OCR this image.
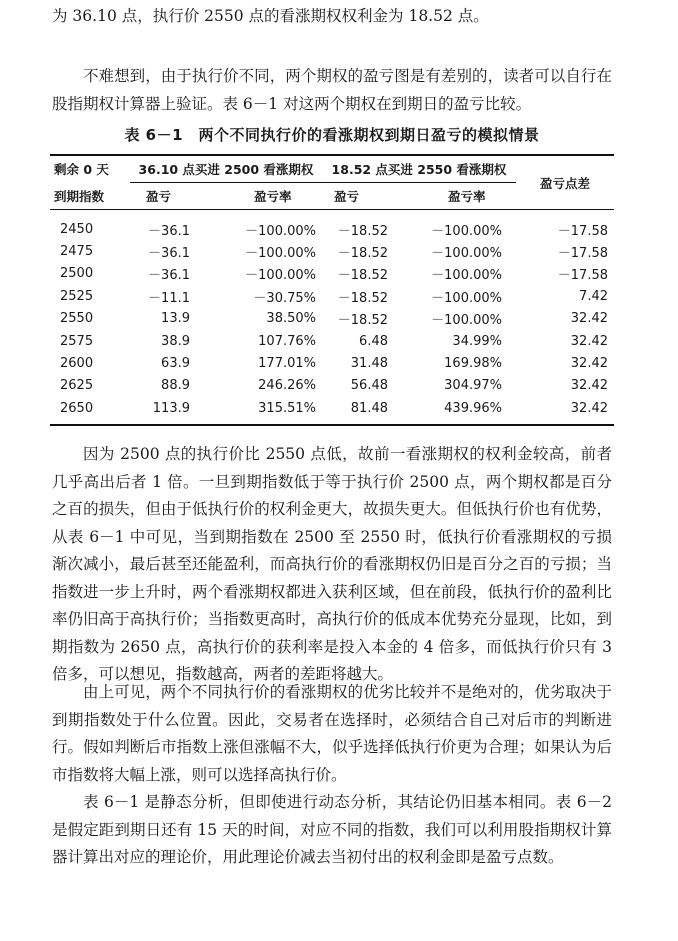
为 36.10 点，执行价 2550 点的看涨期权权利金为 18.52 点。
不难想到，由于执行价不同，两个期权的盈亏图是有差别的，读者可以自行在股指期权计算器上验证。表 6－1 对这两个期权在到期日的盈亏比较。
表 6－1　两个不同执行价的看涨期权到期日盈亏的模拟情景
剩余 0 天	36.10 点买进 2500 看涨期权		18.52 点买进 2550 看涨期权		盈亏点差
到期指数	盈亏	盈亏率	盈亏	盈亏率	
2450	－36.1	－100.00%	－18.52	－100.00%	－17.58
2475	－36.1	－100.00%	－18.52	－100.00%	－17.58
2500	－36.1	－100.00%	－18.52	－100.00%	－17.58
2525	－11.1	－30.75%	－18.52	－100.00%	7.42
2550	13.9	38.50%	－18.52	－100.00%	32.42
2575	38.9	107.76%	6.48	34.99%	32.42
2600	63.9	177.01%	31.48	169.98%	32.42
2625	88.9	246.26%	56.48	304.97%	32.42
2650	113.9	315.51%	81.48	439.96%	32.42
因为 2500 点的执行价比 2550 点低，故前一看涨期权的权利金较高，前者几乎高出后者 1 倍。一旦到期指数低于等于执行价 2500 点，两个期权都是百分之百的损失，但由于低执行价的权利金更大，故损失更大。但低执行价也有优势，从表 6－1 中可见，当到期指数在 2500 至 2550 时，低执行价看涨期权的亏损渐次减小，最后甚至还能盈利，而高执行价的看涨期权仍旧是百分之百的亏损；当指数进一步上升时，两个看涨期权都进入获利区域，但在前段，低执行价的盈利比率仍旧高于高执行价；当指数更高时，高执行价的低成本优势充分显现，比如，到期指数为 2650 点，高执行价的获利率是投入本金的 4 倍多，而低执行价只有 3 倍多，可以想见，指数越高，两者的差距将越大。
由上可见，两个不同执行价的看涨期权的优劣比较并不是绝对的，优劣取决于到期指数处于什么位置。因此，交易者在选择时，必须结合自己对后市的判断进行。假如判断后市指数上涨但涨幅不大，似乎选择低执行价更为合理；如果认为后市指数将大幅上涨，则可以选择高执行价。
表 6－1 是静态分析，但即使进行动态分析，其结论仍旧基本相同。表 6－2 是假定距到期日还有 15 天的时间，对应不同的指数，我们可以利用股指期权计算器计算出对应的理论价，用此理论价减去当初付出的权利金即是盈亏点数。
